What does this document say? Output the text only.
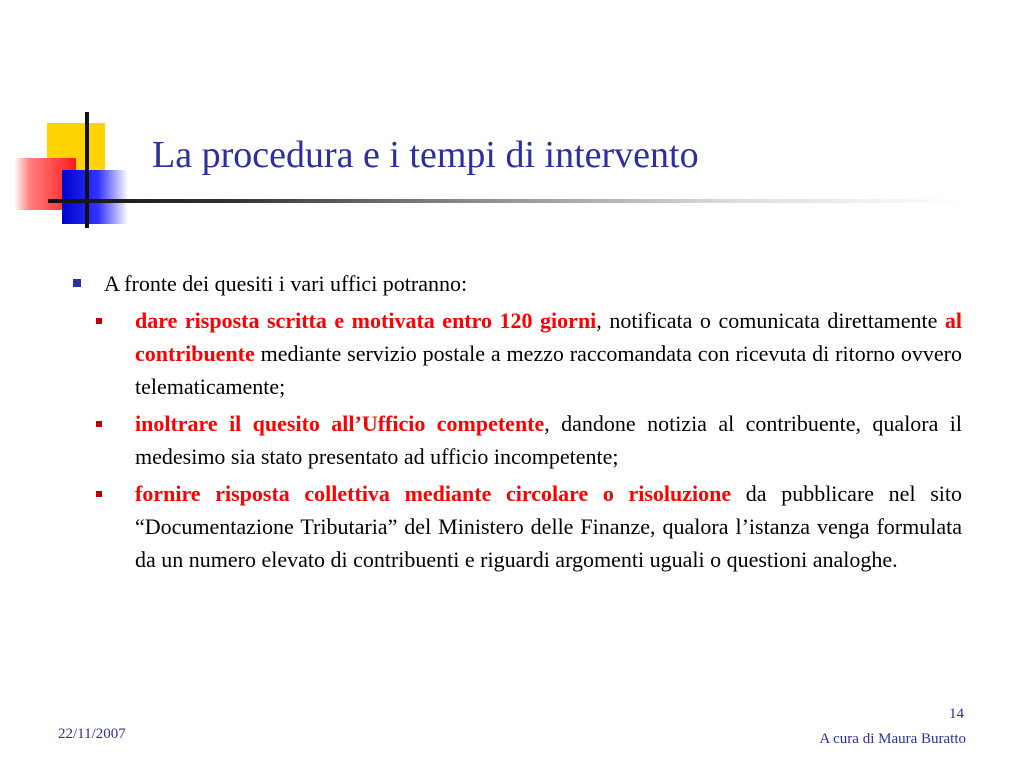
La procedura e i tempi di intervento
A fronte dei quesiti i vari uffici potranno:
dare risposta scritta e motivata entro 120 giorni, notificata o comunicata direttamente al contribuente mediante servizio postale a mezzo raccomandata con ricevuta di ritorno ovvero telematicamente;
inoltrare il quesito all’Ufficio competente, dandone notizia al contribuente, qualora il medesimo sia stato presentato ad ufficio incompetente;
fornire risposta collettiva mediante circolare o risoluzione da pubblicare nel sito “Documentazione Tributaria” del Ministero delle Finanze, qualora l’istanza venga formulata da un numero elevato di contribuenti e riguardi argomenti uguali o questioni analoghe.
22/11/2007
14
A cura di Maura Buratto
